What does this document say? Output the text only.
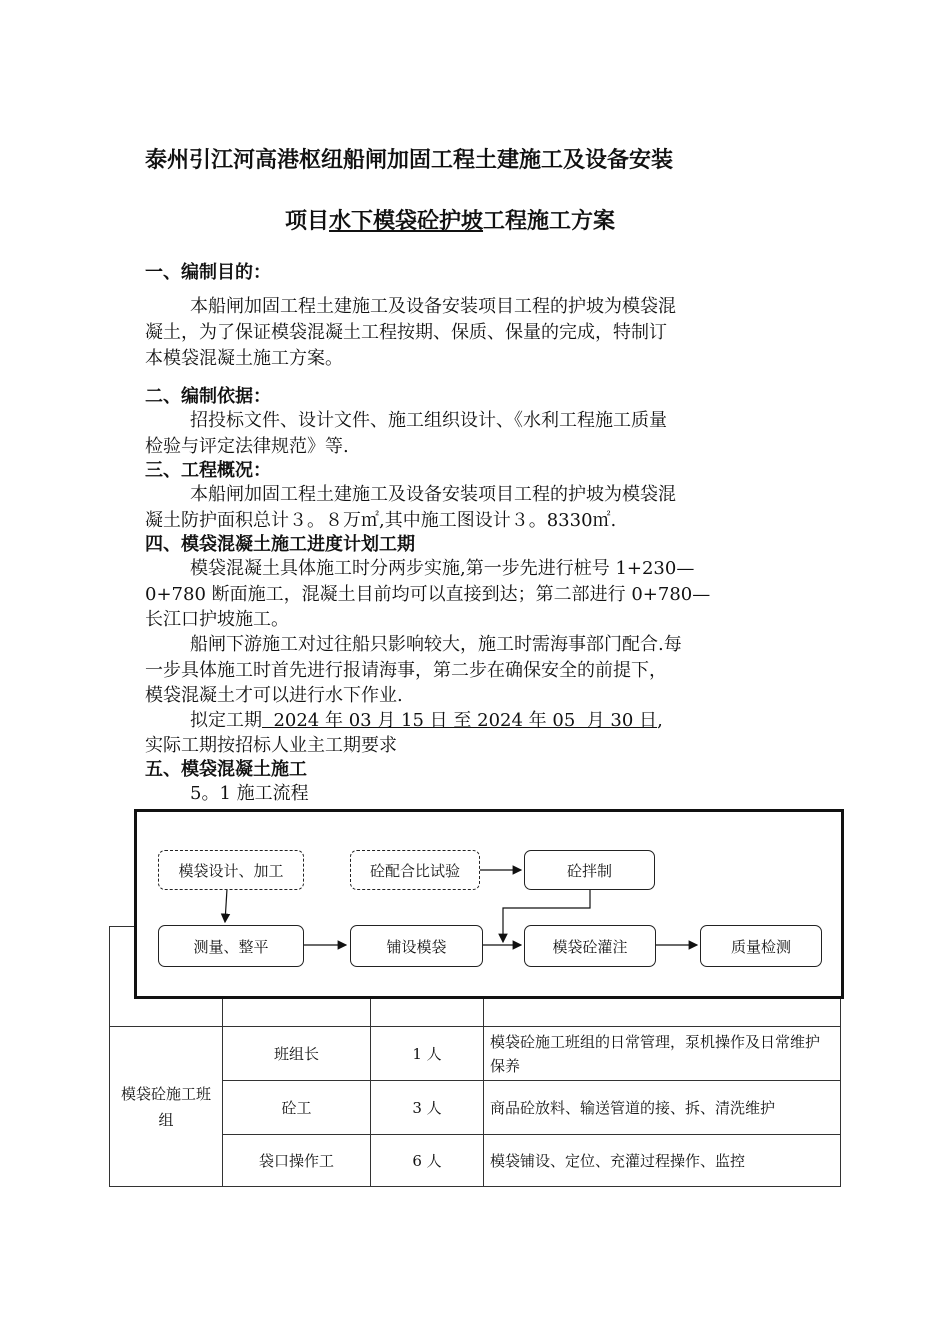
泰州引江河高港枢纽船闸加固工程土建施工及设备安装
项目水下模袋砼护坡工程施工方案
一、编制目的：
本船闸加固工程土建施工及设备安装项目工程的护坡为模袋混
凝土，为了保证模袋混凝土工程按期、保质、保量的完成，特制订
本模袋混凝土施工方案。
二、编制依据：
招投标文件、设计文件、施工组织设计、《水利工程施工质量
检验与评定法律规范》等.
三、工程概况：
本船闸加固工程土建施工及设备安装项目工程的护坡为模袋混
凝土防护面积总计３。８万㎡,其中施工图设计３。8330㎡.
四、模袋混凝土施工进度计划工期
模袋混凝土具体施工时分两步实施,第一步先进行桩号 1+230—
0+780 断面施工，混凝土目前均可以直接到达；第二部进行 0+780—
长江口护坡施工。
船闸下游施工对过往船只影响较大，施工时需海事部门配合.每
一步具体施工时首先进行报请海事，第二步在确保安全的前提下，
模袋混凝土才可以进行水下作业.
拟定工期  2024 年 03 月 15 日 至 2024 年 05  月 30 日,
实际工期按招标人业主工期要求
五、模袋混凝土施工
5。1 施工流程

模袋砼施工班组	班组长	1 人	模袋砼施工班组的日常管理，泵机操作及日常维护保养
	砼工	3 人	商品砼放料、输送管道的接、拆、清洗维护
	袋口操作工	6 人	模袋铺设、定位、充灌过程操作、监控
模袋设计、加工	砼配合比试验	砼拌制
测量、整平	铺设模袋	模袋砼灌注	质量检测
